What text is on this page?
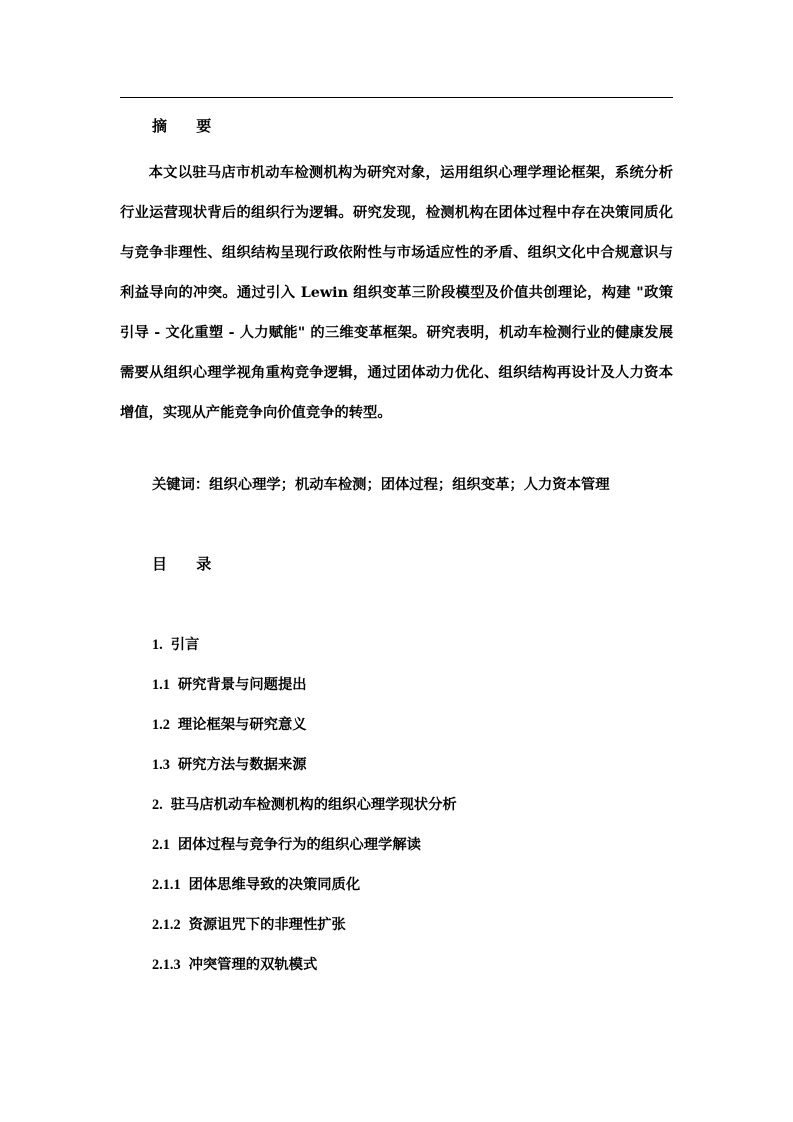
摘 要

本文以驻马店市机动车检测机构为研究对象，运用组织心理学理论框架，系统分析行业运营现状背后的组织行为逻辑。研究发现，检测机构在团体过程中存在决策同质化与竞争非理性、组织结构呈现行政依附性与市场适应性的矛盾、组织文化中合规意识与利益导向的冲突。通过引入 Lewin 组织变革三阶段模型及价值共创理论，构建 "政策引导 - 文化重塑 - 人力赋能" 的三维变革框架。研究表明，机动车检测行业的健康发展需要从组织心理学视角重构竞争逻辑，通过团体动力优化、组织结构再设计及人力资本增值，实现从产能竞争向价值竞争的转型。

关键词：组织心理学；机动车检测；团体过程；组织变革；人力资本管理
目 录
1. 引言
1.1 研究背景与问题提出
1.2 理论框架与研究意义
1.3 研究方法与数据来源
2. 驻马店机动车检测机构的组织心理学现状分析
2.1 团体过程与竞争行为的组织心理学解读
2.1.1 团体思维导致的决策同质化
2.1.2 资源诅咒下的非理性扩张
2.1.3 冲突管理的双轨模式
